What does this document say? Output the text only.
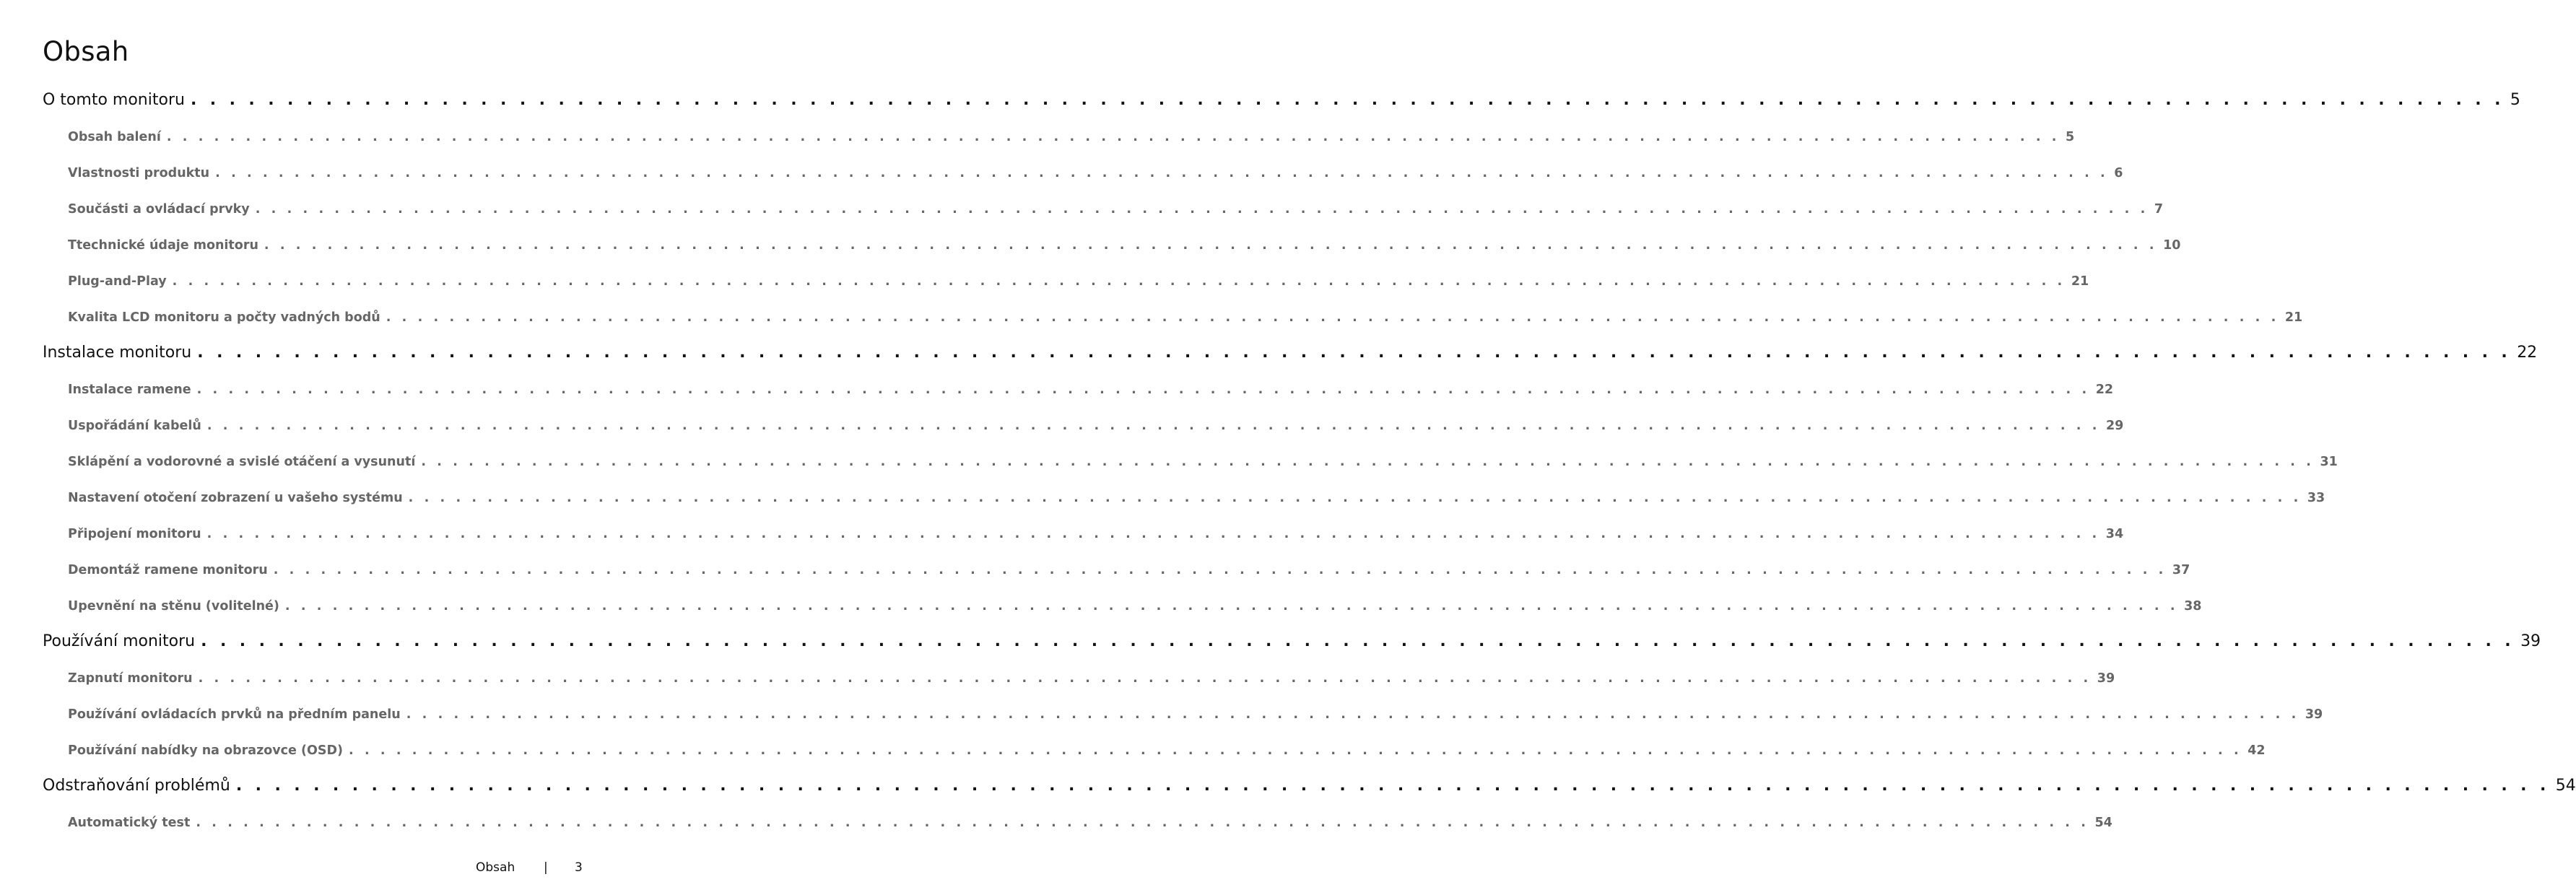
Obsah
O tomto monitoru . . . . . . . . . . . . . . . . . . . . . . . . . . . . . . . . . . . . . . . . . . . . . . . . . . . . . . . . . . . . . . . . . . . . . . . . . . . . . . . . . . . . . . . . . . . . . . . . . . . . . . . . . . . . . . . . . . . . . . . . 5
Obsah balení . . . . . . . . . . . . . . . . . . . . . . . . . . . . . . . . . . . . . . . . . . . . . . . . . . . . . . . . . . . . . . . . . . . . . . . . . . . . . . . . . . . . . . . . . . . . . . . . . . . . . . . . . . . . . . . . . . . . . . . . 5
Vlastnosti produktu . . . . . . . . . . . . . . . . . . . . . . . . . . . . . . . . . . . . . . . . . . . . . . . . . . . . . . . . . . . . . . . . . . . . . . . . . . . . . . . . . . . . . . . . . . . . . . . . . . . . . . . . . . . . . . . . . . . . . . . . 6
Součásti a ovládací prvky . . . . . . . . . . . . . . . . . . . . . . . . . . . . . . . . . . . . . . . . . . . . . . . . . . . . . . . . . . . . . . . . . . . . . . . . . . . . . . . . . . . . . . . . . . . . . . . . . . . . . . . . . . . . . . . . . . . . . . . . 7
Ttechnické údaje monitoru . . . . . . . . . . . . . . . . . . . . . . . . . . . . . . . . . . . . . . . . . . . . . . . . . . . . . . . . . . . . . . . . . . . . . . . . . . . . . . . . . . . . . . . . . . . . . . . . . . . . . . . . . . . . . . . . . . . . . . . . 10
Plug-and-Play . . . . . . . . . . . . . . . . . . . . . . . . . . . . . . . . . . . . . . . . . . . . . . . . . . . . . . . . . . . . . . . . . . . . . . . . . . . . . . . . . . . . . . . . . . . . . . . . . . . . . . . . . . . . . . . . . . . . . . . . 21
Kvalita LCD monitoru a počty vadných bodů . . . . . . . . . . . . . . . . . . . . . . . . . . . . . . . . . . . . . . . . . . . . . . . . . . . . . . . . . . . . . . . . . . . . . . . . . . . . . . . . . . . . . . . . . . . . . . . . . . . . . . . . . . . . . . . . . . . . . . . . 21
Instalace monitoru . . . . . . . . . . . . . . . . . . . . . . . . . . . . . . . . . . . . . . . . . . . . . . . . . . . . . . . . . . . . . . . . . . . . . . . . . . . . . . . . . . . . . . . . . . . . . . . . . . . . . . . . . . . . . . . . . . . . . . . . 22
Instalace ramene . . . . . . . . . . . . . . . . . . . . . . . . . . . . . . . . . . . . . . . . . . . . . . . . . . . . . . . . . . . . . . . . . . . . . . . . . . . . . . . . . . . . . . . . . . . . . . . . . . . . . . . . . . . . . . . . . . . . . . . . 22
Uspořádání kabelů . . . . . . . . . . . . . . . . . . . . . . . . . . . . . . . . . . . . . . . . . . . . . . . . . . . . . . . . . . . . . . . . . . . . . . . . . . . . . . . . . . . . . . . . . . . . . . . . . . . . . . . . . . . . . . . . . . . . . . . . 29
Sklápění a vodorovné a svislé otáčení a vysunutí . . . . . . . . . . . . . . . . . . . . . . . . . . . . . . . . . . . . . . . . . . . . . . . . . . . . . . . . . . . . . . . . . . . . . . . . . . . . . . . . . . . . . . . . . . . . . . . . . . . . . . . . . . . . . . . . . . . . . . . . 31
Nastavení otočení zobrazení u vašeho systému . . . . . . . . . . . . . . . . . . . . . . . . . . . . . . . . . . . . . . . . . . . . . . . . . . . . . . . . . . . . . . . . . . . . . . . . . . . . . . . . . . . . . . . . . . . . . . . . . . . . . . . . . . . . . . . . . . . . . . . . 33
Připojení monitoru . . . . . . . . . . . . . . . . . . . . . . . . . . . . . . . . . . . . . . . . . . . . . . . . . . . . . . . . . . . . . . . . . . . . . . . . . . . . . . . . . . . . . . . . . . . . . . . . . . . . . . . . . . . . . . . . . . . . . . . . 34
Demontáž ramene monitoru . . . . . . . . . . . . . . . . . . . . . . . . . . . . . . . . . . . . . . . . . . . . . . . . . . . . . . . . . . . . . . . . . . . . . . . . . . . . . . . . . . . . . . . . . . . . . . . . . . . . . . . . . . . . . . . . . . . . . . . . 37
Upevnění na stěnu (volitelné) . . . . . . . . . . . . . . . . . . . . . . . . . . . . . . . . . . . . . . . . . . . . . . . . . . . . . . . . . . . . . . . . . . . . . . . . . . . . . . . . . . . . . . . . . . . . . . . . . . . . . . . . . . . . . . . . . . . . . . . . 38
Používání monitoru . . . . . . . . . . . . . . . . . . . . . . . . . . . . . . . . . . . . . . . . . . . . . . . . . . . . . . . . . . . . . . . . . . . . . . . . . . . . . . . . . . . . . . . . . . . . . . . . . . . . . . . . . . . . . . . . . . . . . . . . 39
Zapnutí monitoru . . . . . . . . . . . . . . . . . . . . . . . . . . . . . . . . . . . . . . . . . . . . . . . . . . . . . . . . . . . . . . . . . . . . . . . . . . . . . . . . . . . . . . . . . . . . . . . . . . . . . . . . . . . . . . . . . . . . . . . . 39
Používání ovládacích prvků na předním panelu . . . . . . . . . . . . . . . . . . . . . . . . . . . . . . . . . . . . . . . . . . . . . . . . . . . . . . . . . . . . . . . . . . . . . . . . . . . . . . . . . . . . . . . . . . . . . . . . . . . . . . . . . . . . . . . . . . . . . . . . 39
Používání nabídky na obrazovce (OSD) . . . . . . . . . . . . . . . . . . . . . . . . . . . . . . . . . . . . . . . . . . . . . . . . . . . . . . . . . . . . . . . . . . . . . . . . . . . . . . . . . . . . . . . . . . . . . . . . . . . . . . . . . . . . . . . . . . . . . . . . 42
Odstraňování problémů . . . . . . . . . . . . . . . . . . . . . . . . . . . . . . . . . . . . . . . . . . . . . . . . . . . . . . . . . . . . . . . . . . . . . . . . . . . . . . . . . . . . . . . . . . . . . . . . . . . . . . . . . . . . . . . . . . . . . . . . 54
Automatický test . . . . . . . . . . . . . . . . . . . . . . . . . . . . . . . . . . . . . . . . . . . . . . . . . . . . . . . . . . . . . . . . . . . . . . . . . . . . . . . . . . . . . . . . . . . . . . . . . . . . . . . . . . . . . . . . . . . . . . . . 54
Obsah | 3
